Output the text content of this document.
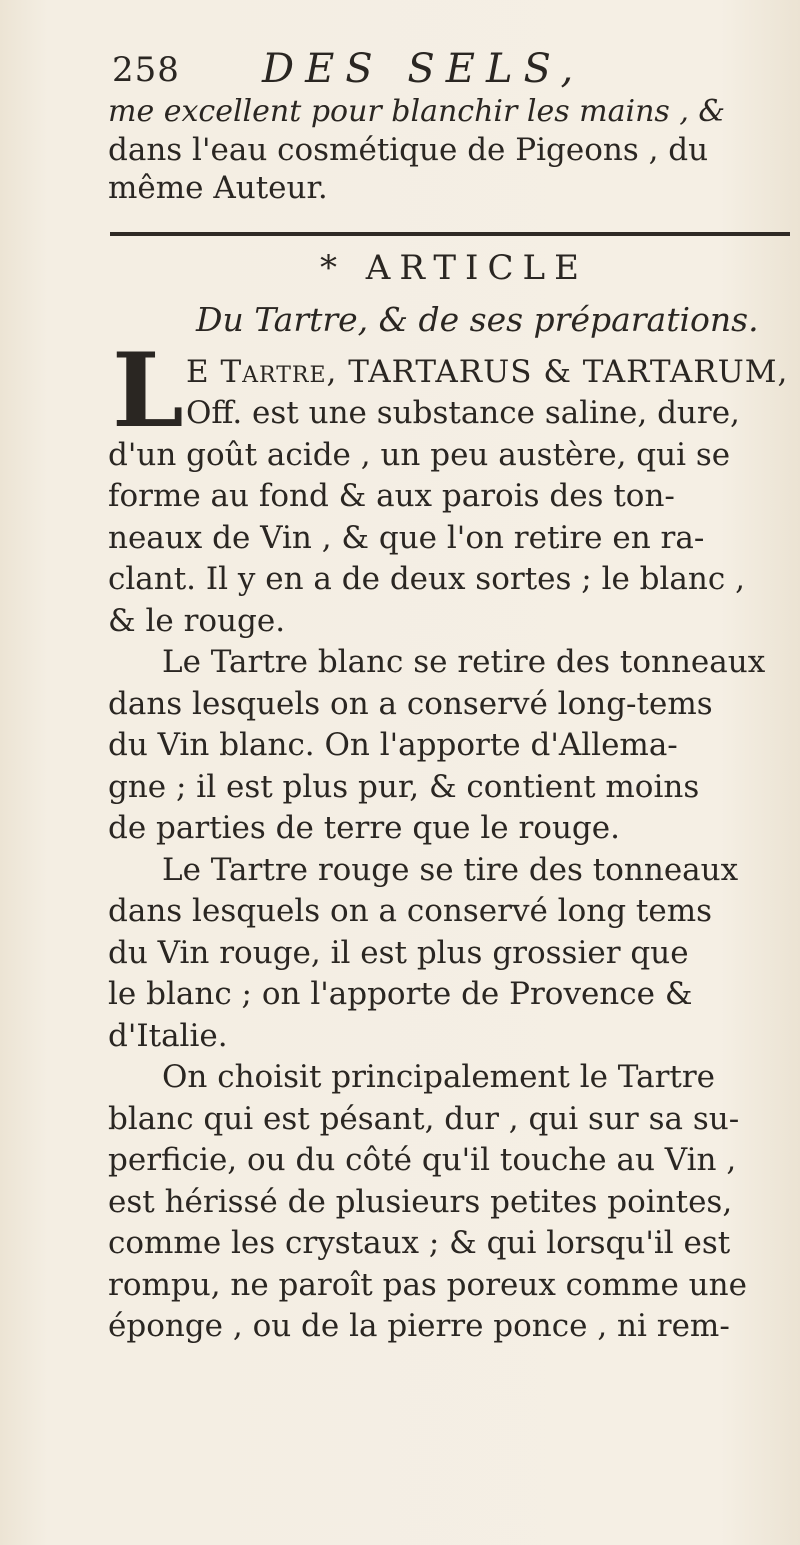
258 DES SELS,
me excellent pour blanchir les mains , &
dans l'eau cosmétique de Pigeons , du
même Auteur.
* ARTICLE
Du Tartre, & de ses préparations.
L E Tartre, TARTARUS & TARTARUM,
Off. est une substance saline, dure,
d'un goût acide , un peu austère, qui se
forme au fond & aux parois des ton-
neaux de Vin , & que l'on retire en ra-
clant. Il y en a de deux sortes ; le blanc ,
& le rouge.
Le Tartre blanc se retire des tonneaux
dans lesquels on a conservé long-tems
du Vin blanc. On l'apporte d'Allema-
gne ; il est plus pur, & contient moins
de parties de terre que le rouge.
Le Tartre rouge se tire des tonneaux
dans lesquels on a conservé long tems
du Vin rouge, il est plus grossier que
le blanc ; on l'apporte de Provence &
d'Italie.
On choisit principalement le Tartre
blanc qui est pésant, dur , qui sur sa su-
perficie, ou du côté qu'il touche au Vin ,
est hérissé de plusieurs petites pointes,
comme les crystaux ; & qui lorsqu'il est
rompu, ne paroît pas poreux comme une
éponge , ou de la pierre ponce , ni rem-
